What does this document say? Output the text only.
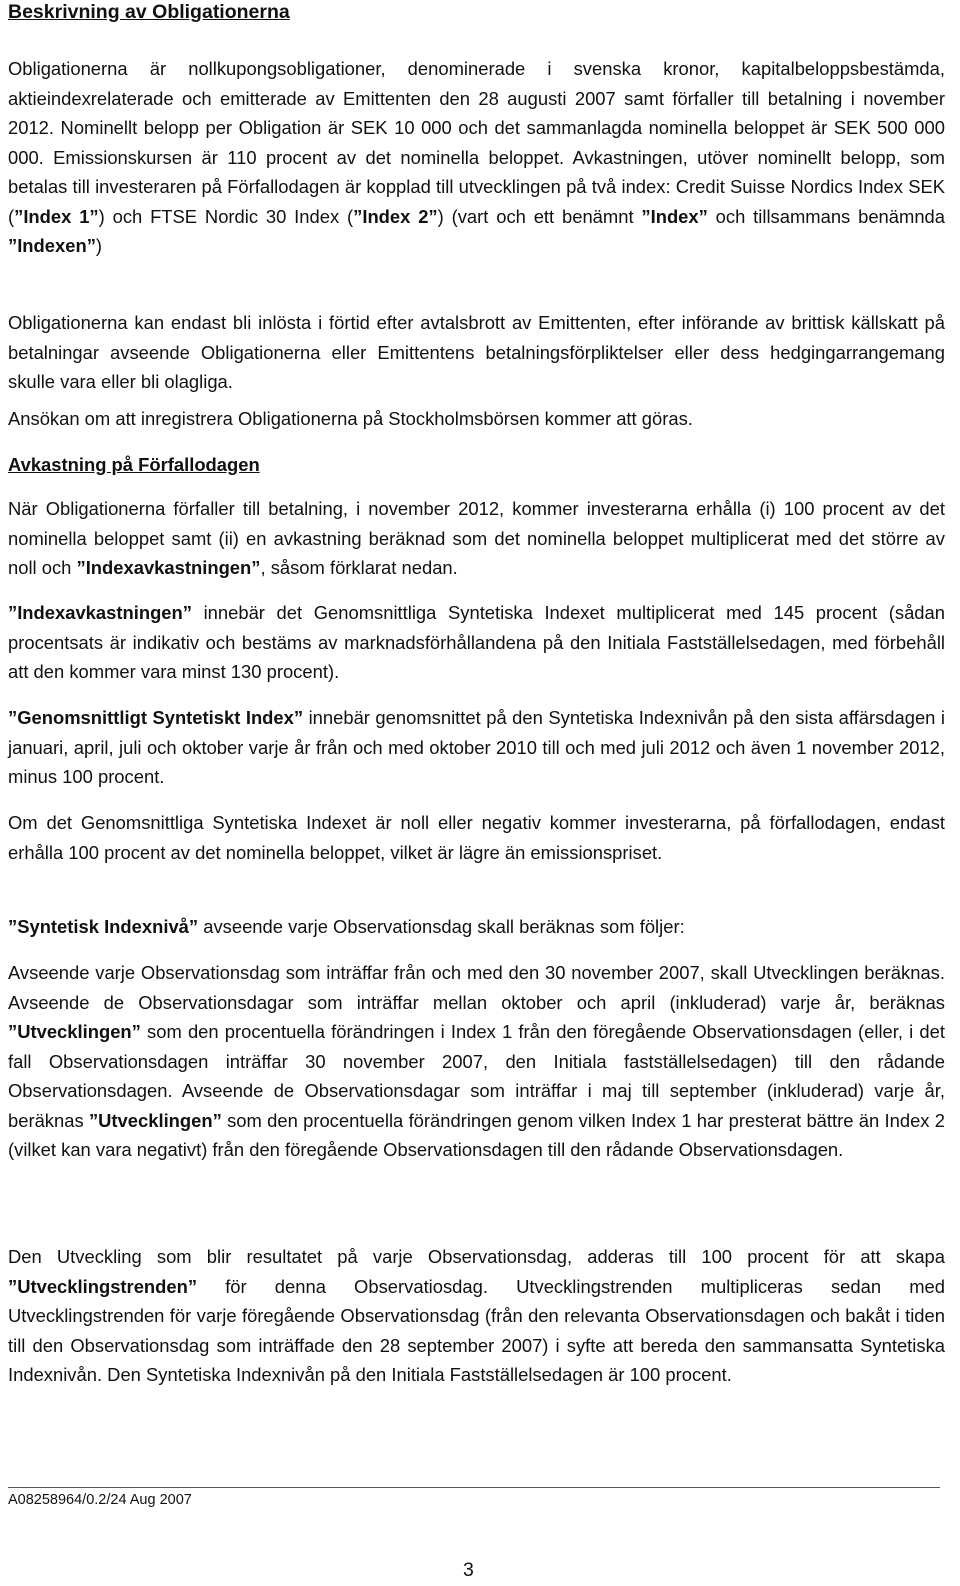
Beskrivning av Obligationerna

Obligationerna är nollkupongsobligationer, denominerade i svenska kronor, kapitalbeloppsbestämda, aktieindexrelaterade och emitterade av Emittenten den 28 augusti 2007 samt förfaller till betalning i november 2012. Nominellt belopp per Obligation är SEK 10 000 och det sammanlagda nominella beloppet är SEK 500 000 000. Emissionskursen är 110 procent av det nominella beloppet. Avkastningen, utöver nominellt belopp, som betalas till investeraren på Förfallodagen är kopplad till utvecklingen på två index: Credit Suisse Nordics Index SEK (”Index 1”) och FTSE Nordic 30 Index (”Index 2”) (vart och ett benämnt ”Index” och tillsammans benämnda ”Indexen”)

Obligationerna kan endast bli inlösta i förtid efter avtalsbrott av Emittenten, efter införande av brittisk källskatt på betalningar avseende Obligationerna eller Emittentens betalningsförpliktelser eller dess hedgingarrangemang skulle vara eller bli olagliga.

Ansökan om att inregistrera Obligationerna på Stockholmsbörsen kommer att göras.

Avkastning på Förfallodagen

När Obligationerna förfaller till betalning, i november 2012, kommer investerarna erhålla (i) 100 procent av det nominella beloppet samt (ii) en avkastning beräknad som det nominella beloppet multiplicerat med det större av noll och ”Indexavkastningen”, såsom förklarat nedan.

”Indexavkastningen” innebär det Genomsnittliga Syntetiska Indexet multiplicerat med 145 procent (sådan procentsats är indikativ och bestäms av marknadsförhållandena på den Initiala Fastställelsedagen, med förbehåll att den kommer vara minst 130 procent).

”Genomsnittligt Syntetiskt Index” innebär genomsnittet på den Syntetiska Indexnivån på den sista affärsdagen i januari, april, juli och oktober varje år från och med oktober 2010 till och med juli 2012 och även 1 november 2012, minus 100 procent.

Om det Genomsnittliga Syntetiska Indexet är noll eller negativ kommer investerarna, på förfallodagen, endast erhålla 100 procent av det nominella beloppet, vilket är lägre än emissionspriset.

”Syntetisk Indexnivå” avseende varje Observationsdag skall beräknas som följer:

Avseende varje Observationsdag som inträffar från och med den 30 november 2007, skall Utvecklingen beräknas. Avseende de Observationsdagar som inträffar mellan oktober och april (inkluderad) varje år, beräknas ”Utvecklingen” som den procentuella förändringen i Index 1 från den föregående Observationsdagen (eller, i det fall Observationsdagen inträffar 30 november 2007, den Initiala fastställelsedagen) till den rådande Observationsdagen. Avseende de Observationsdagar som inträffar i maj till september (inkluderad) varje år, beräknas ”Utvecklingen” som den procentuella förändringen genom vilken Index 1 har presterat bättre än Index 2 (vilket kan vara negativt) från den föregående Observationsdagen till den rådande Observationsdagen.

Den Utveckling som blir resultatet på varje Observationsdag, adderas till 100 procent för att skapa ”Utvecklingstrenden” för denna Observatiosdag. Utvecklingstrenden multipliceras sedan med Utvecklingstrenden för varje föregående Observationsdag (från den relevanta Observationsdagen och bakåt i tiden till den Observationsdag som inträffade den 28 september 2007) i syfte att bereda den sammansatta Syntetiska Indexnivån. Den Syntetiska Indexnivån på den Initiala Fastställelsedagen är 100 procent.

A08258964/0.2/24 Aug 2007
3
